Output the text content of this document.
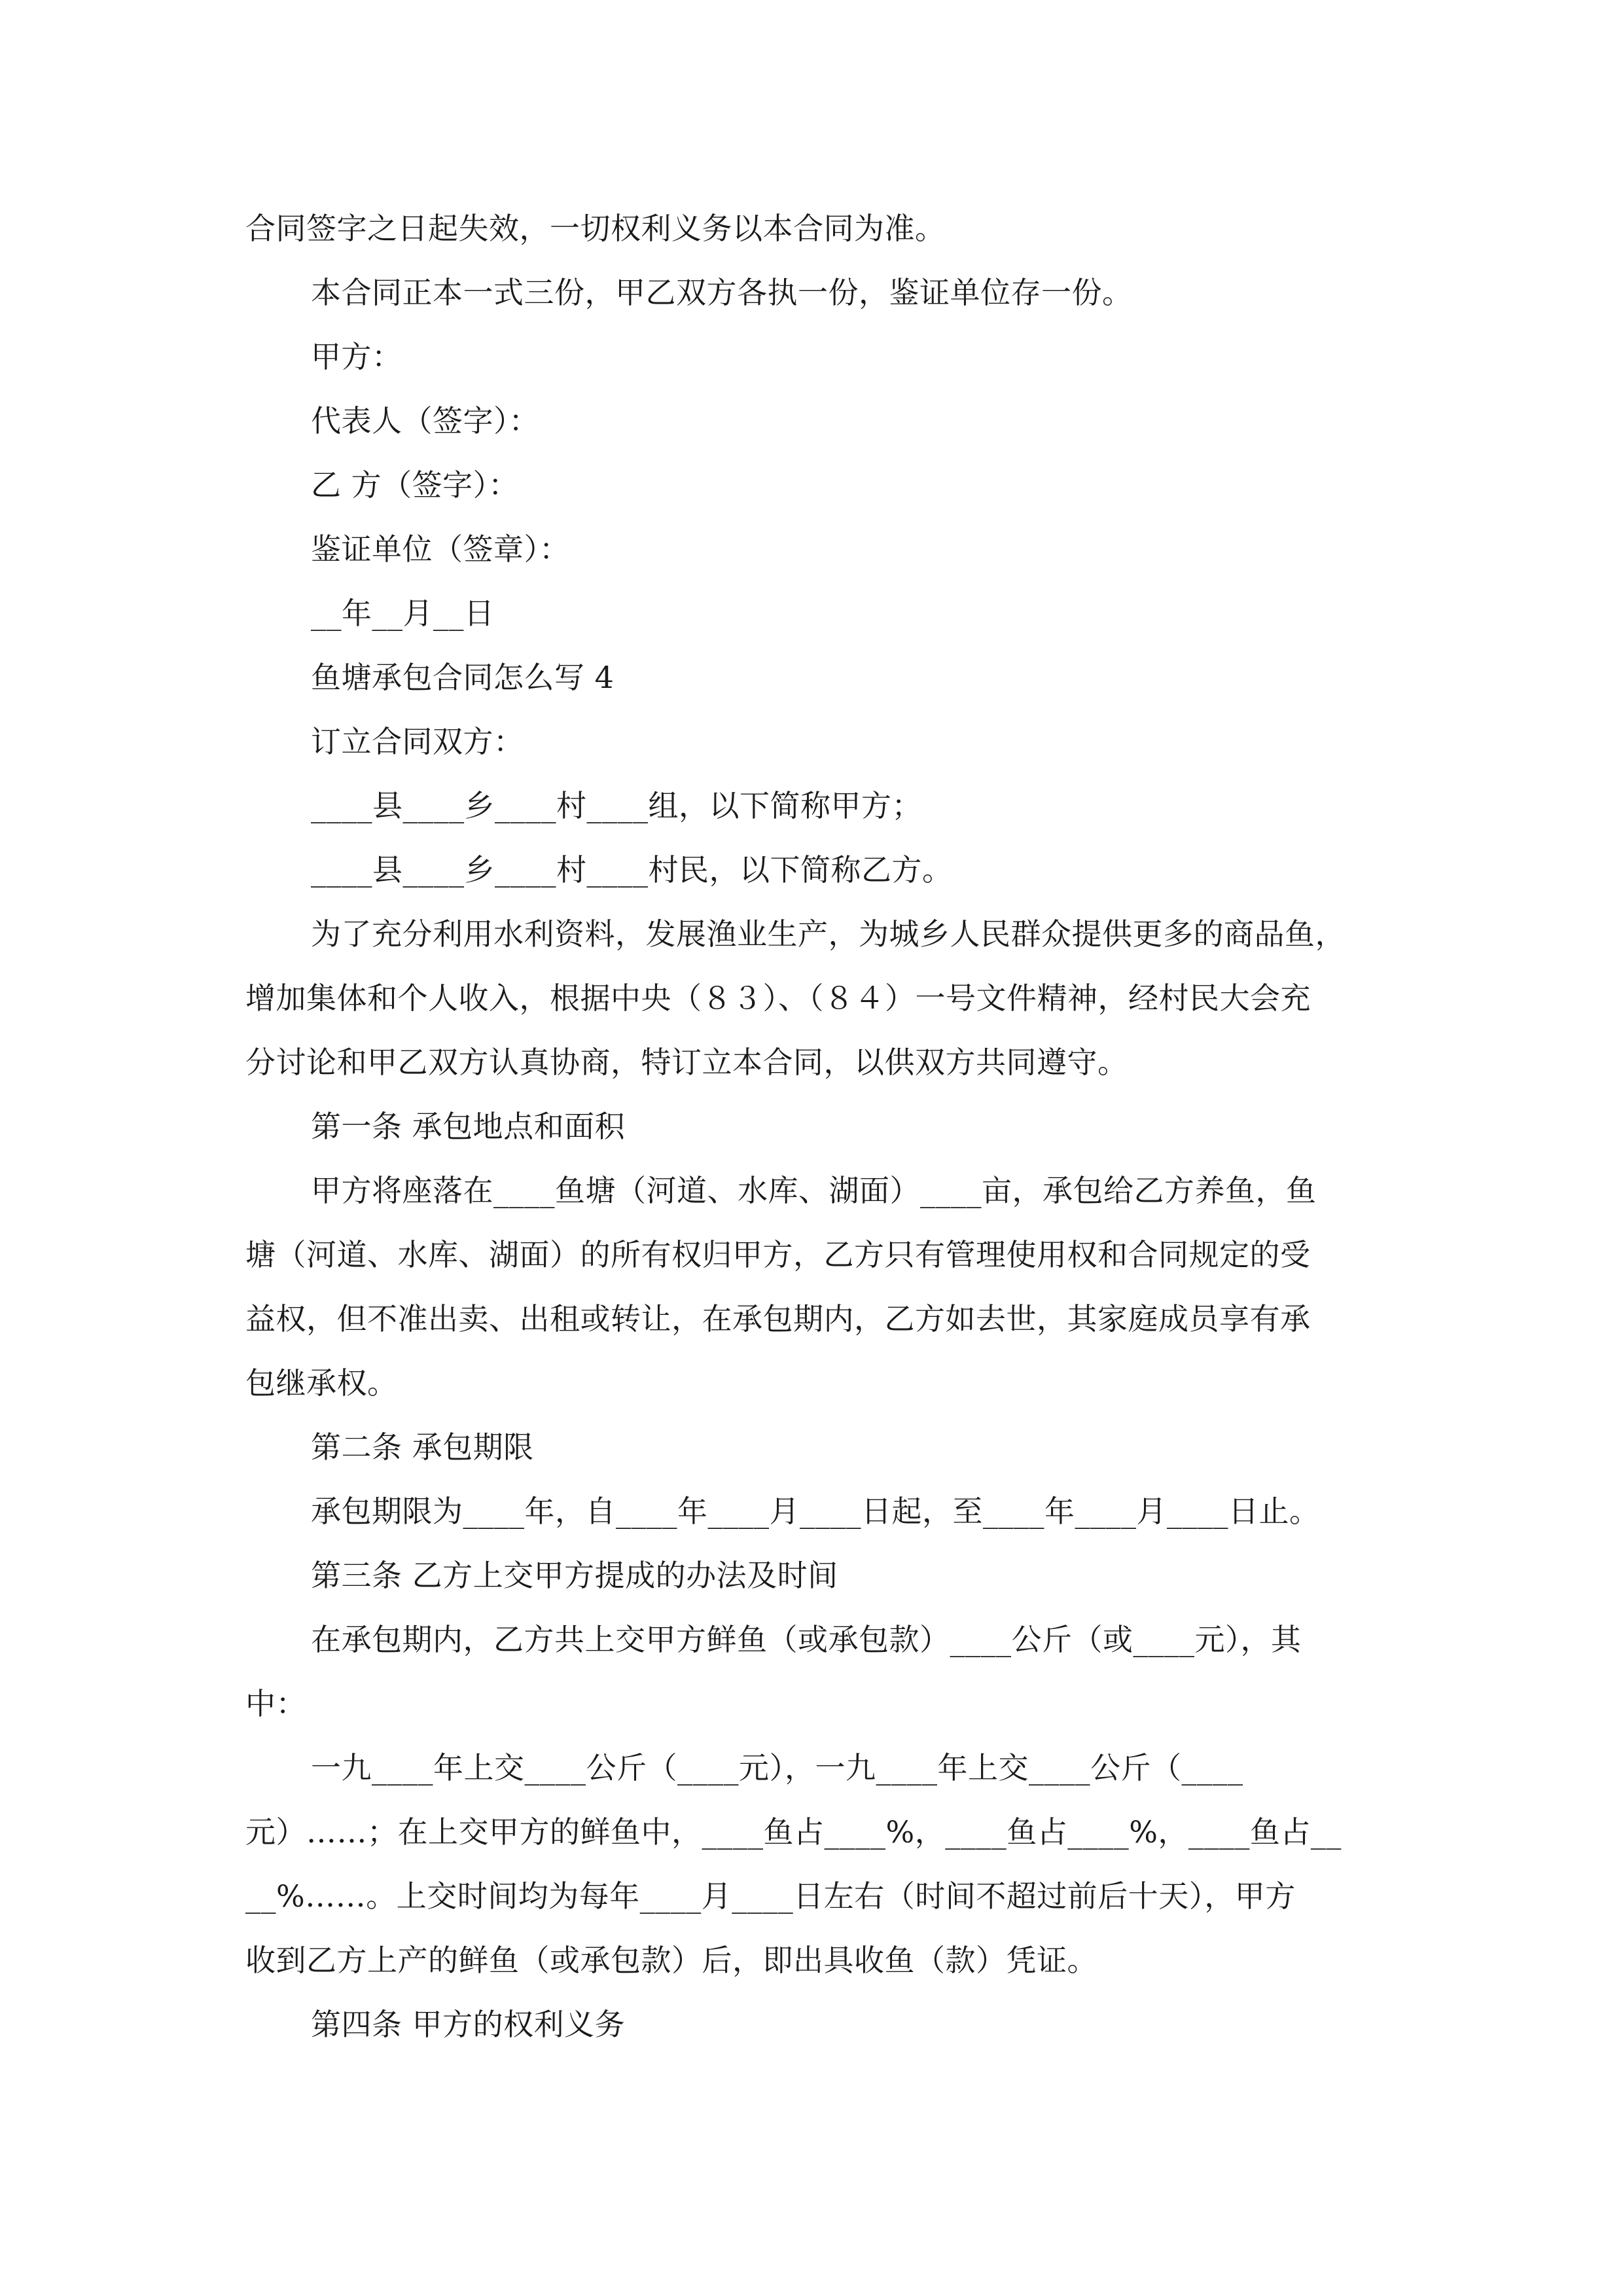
合同签字之日起失效，一切权利义务以本合同为准。
本合同正本一式三份，甲乙双方各执一份，鉴证单位存一份。
甲方：
代表人（签字）：
乙 方（签字）：
鉴证单位（签章）：
__年__月__日
鱼塘承包合同怎么写 4
订立合同双方：
____县____乡____村____组，以下简称甲方；
____县____乡____村____村民，以下简称乙方。
为了充分利用水利资料，发展渔业生产，为城乡人民群众提供更多的商品鱼，
增加集体和个人收入，根据中央（８３）、（８４）一号文件精神，经村民大会充
分讨论和甲乙双方认真协商，特订立本合同，以供双方共同遵守。
第一条 承包地点和面积
甲方将座落在____鱼塘（河道、水库、湖面）____亩，承包给乙方养鱼，鱼
塘（河道、水库、湖面）的所有权归甲方，乙方只有管理使用权和合同规定的受
益权，但不准出卖、出租或转让，在承包期内，乙方如去世，其家庭成员享有承
包继承权。
第二条 承包期限
承包期限为____年，自____年____月____日起，至____年____月____日止。
第三条 乙方上交甲方提成的办法及时间
在承包期内，乙方共上交甲方鲜鱼（或承包款）____公斤（或____元），其
中：
一九____年上交____公斤（____元），一九____年上交____公斤（____
元）……；在上交甲方的鲜鱼中，____鱼占____%，____鱼占____%，____鱼占__
__%……。上交时间均为每年____月____日左右（时间不超过前后十天），甲方
收到乙方上产的鲜鱼（或承包款）后，即出具收鱼（款）凭证。
第四条 甲方的权利义务
